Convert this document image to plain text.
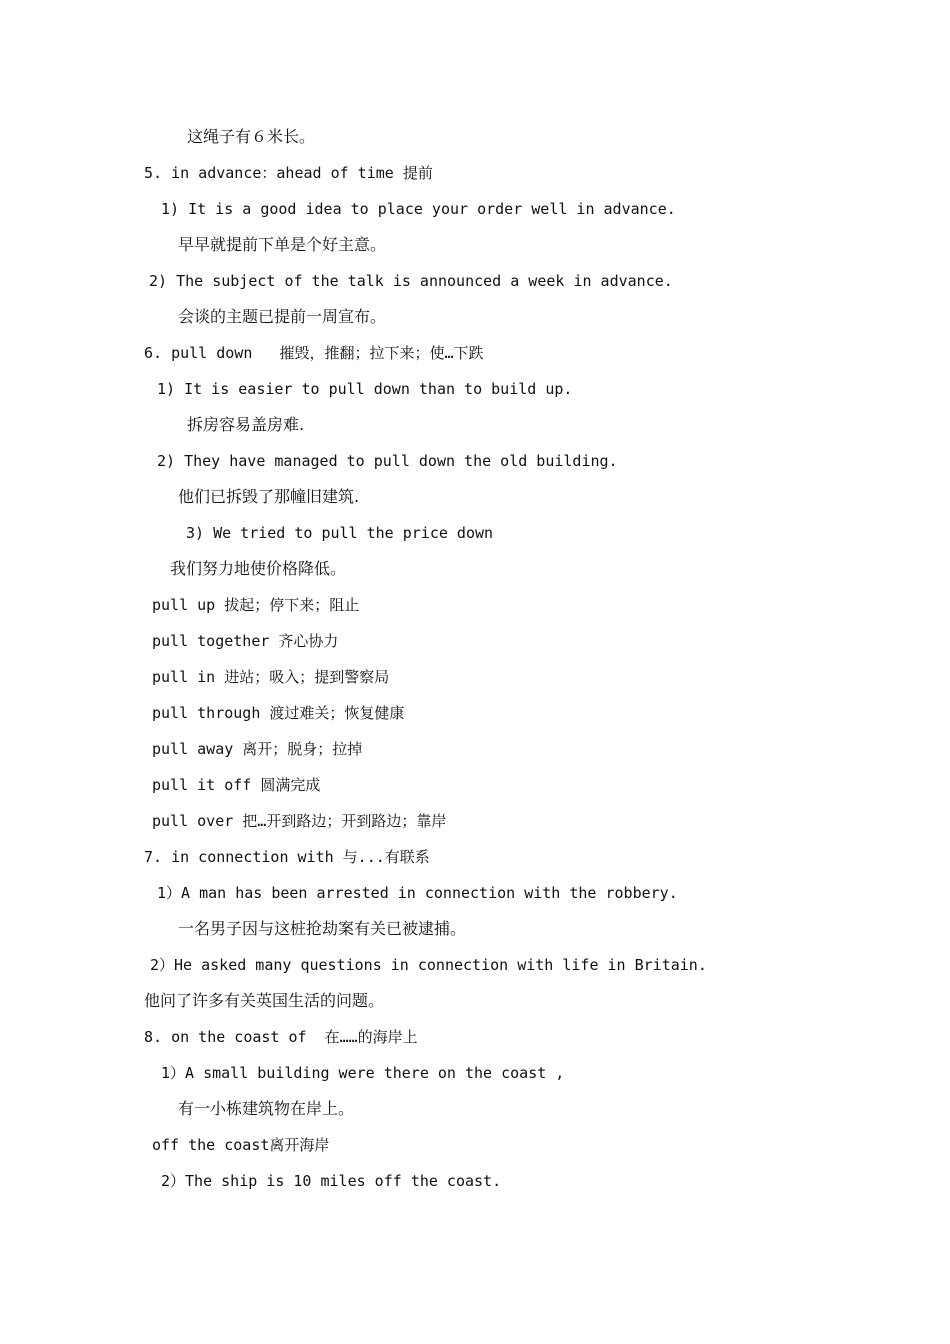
这绳子有６米长。
5. in advance：ahead of time 提前
1) It is a good idea to place your order well in advance.
早早就提前下单是个好主意。
2) The subject of the talk is announced a week in advance.
会谈的主题已提前一周宣布。
6. pull down   摧毁，推翻；拉下来；使…下跌
1) It is easier to pull down than to build up.
拆房容易盖房难.
2) They have managed to pull down the old building.
他们已拆毁了那幢旧建筑.
3) We tried to pull the price down
我们努力地使价格降低。
pull up 拔起；停下来；阻止
pull together 齐心协力
pull in 进站；吸入；提到警察局
pull through 渡过难关；恢复健康
pull away 离开；脱身；拉掉
pull it off 圆满完成
pull over 把…开到路边；开到路边；靠岸
7. in connection with 与...有联系
1）A man has been arrested in connection with the robbery.
一名男子因与这桩抢劫案有关已被逮捕。
2）He asked many questions in connection with life in Britain.
他问了许多有关英国生活的问题。
8. on the coast of  在……的海岸上
1）A small building were there on the coast ,
有一小栋建筑物在岸上。
off the coast离开海岸
2）The ship is 10 miles off the coast.
